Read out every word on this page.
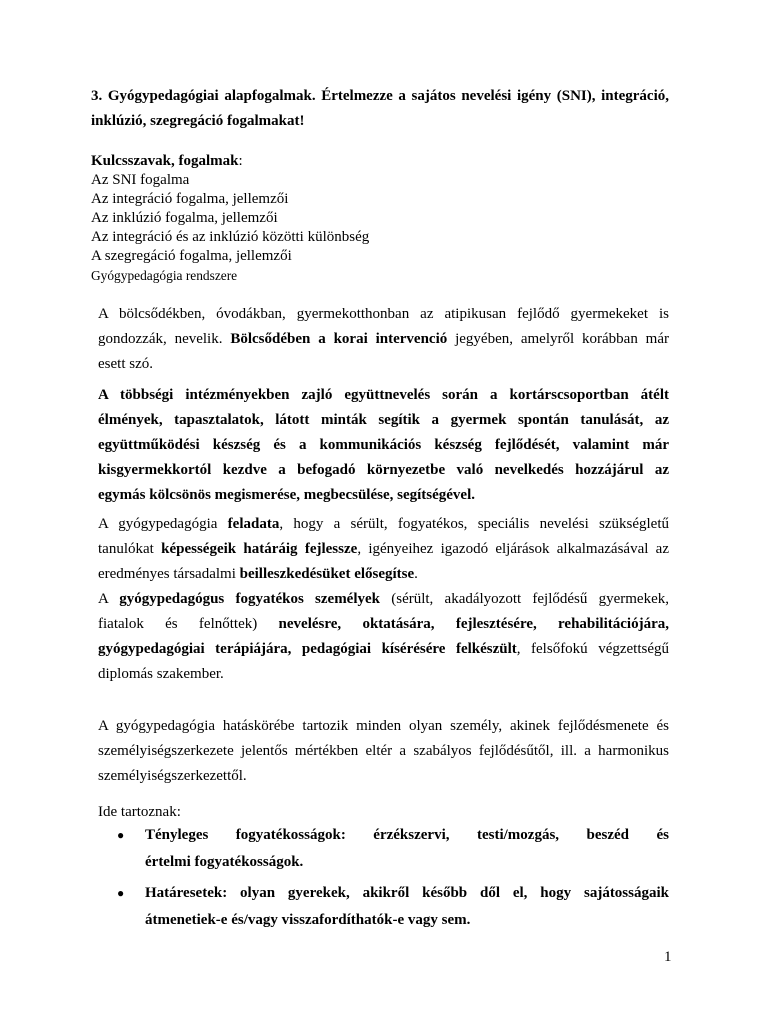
3. Gyógypedagógiai alapfogalmak. Értelmezze a sajátos nevelési igény (SNI), integráció,
inklúzió, szegregáció fogalmakat!
Kulcsszavak, fogalmak:
Az SNI fogalma
Az integráció fogalma, jellemzői
Az inklúzió fogalma, jellemzői
Az integráció és az inklúzió közötti különbség
A szegregáció fogalma, jellemzői
Gyógypedagógia rendszere
A bölcsődékben, óvodákban, gyermekotthonban az atipikusan fejlődő gyermekeket is
gondozzák, nevelik. Bölcsődében a korai intervenció jegyében, amelyről korábban már
esett szó.
A többségi intézményekben zajló együttnevelés során a kortárscsoportban átélt
élmények, tapasztalatok, látott minták segítik a gyermek spontán tanulását, az
együttműködési készség és a kommunikációs készség fejlődését, valamint már
kisgyermekkortól kezdve a befogadó környezetbe való nevelkedés hozzájárul az
egymás kölcsönös megismerése, megbecsülése, segítségével.
A gyógypedagógia feladata, hogy a sérült, fogyatékos, speciális nevelési szükségletű
tanulókat képességeik határáig fejlessze, igényeihez igazodó eljárások alkalmazásával az
eredményes társadalmi beilleszkedésüket elősegítse.
A gyógypedagógus fogyatékos személyek (sérült, akadályozott fejlődésű gyermekek,
fiatalok és felnőttek) nevelésre, oktatására, fejlesztésére, rehabilitációjára,
gyógypedagógiai terápiájára, pedagógiai kísérésére felkészült, felsőfokú végzettségű
diplomás szakember.
A gyógypedagógia hatáskörébe tartozik minden olyan személy, akinek fejlődésmenete és
személyiségszerkezete jelentős mértékben eltér a szabályos fejlődésűtől, ill. a harmonikus
személyiségszerkezettől.
Ide tartoznak:
● Tényleges fogyatékosságok: érzékszervi, testi/mozgás, beszéd és
értelmi fogyatékosságok.
● Határesetek: olyan gyerekek, akikről később dől el, hogy sajátosságaik
átmenetiek-e és/vagy visszafordíthatók-e vagy sem.
1
